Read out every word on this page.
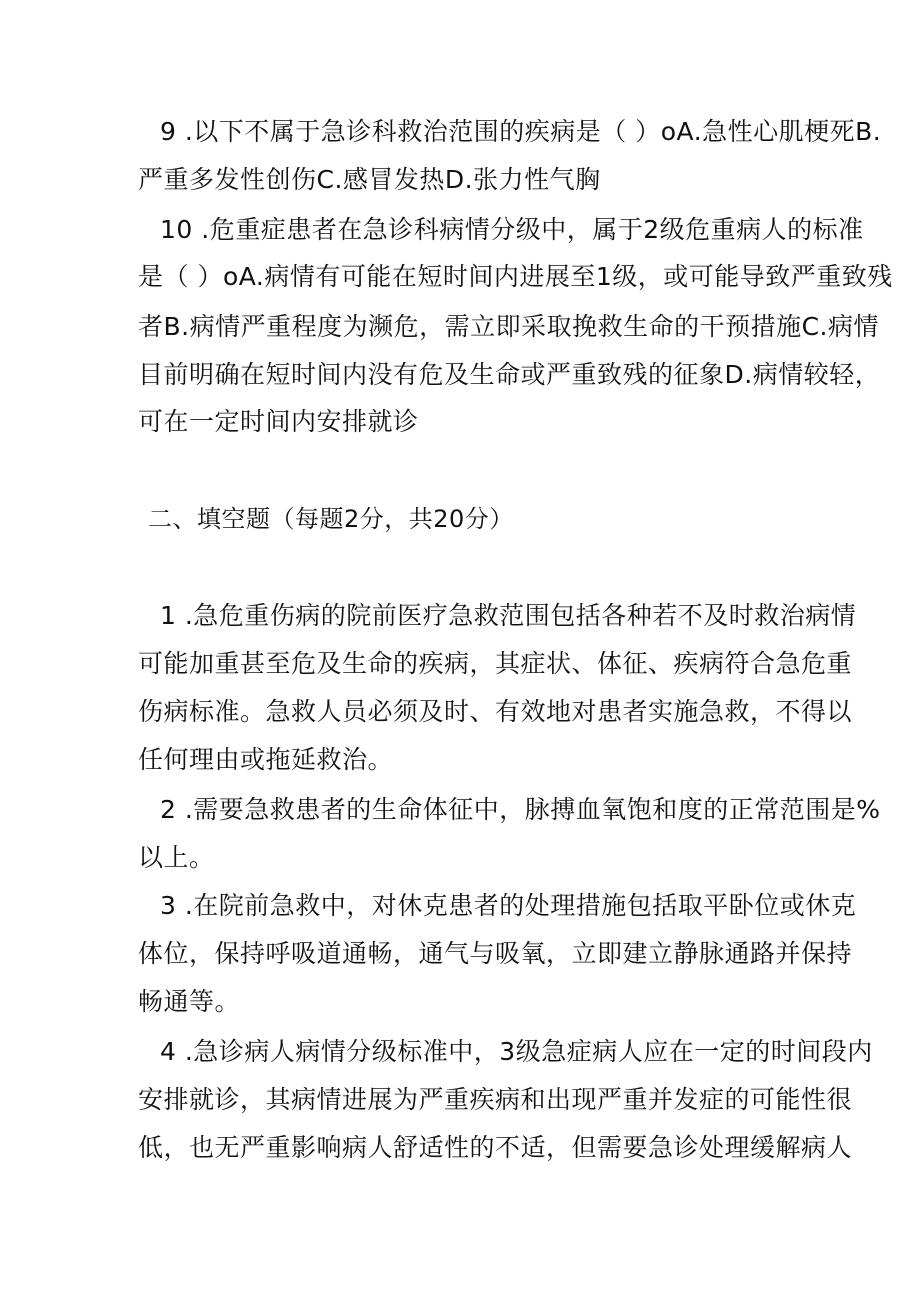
9 .以下不属于急诊科救治范围的疾病是（ ）oA.急性心肌梗死B.
严重多发性创伤C.感冒发热D.张力性气胸
10 .危重症患者在急诊科病情分级中，属于2级危重病人的标准
是（ ）oA.病情有可能在短时间内进展至1级，或可能导致严重致残
者B.病情严重程度为濒危，需立即采取挽救生命的干预措施C.病情
目前明确在短时间内没有危及生命或严重致残的征象D.病情较轻，
可在一定时间内安排就诊
二、填空题（每题2分，共20分）
1 .急危重伤病的院前医疗急救范围包括各种若不及时救治病情
可能加重甚至危及生命的疾病，其症状、体征、疾病符合急危重
伤病标准。急救人员必须及时、有效地对患者实施急救，不得以
任何理由或拖延救治。
2 .需要急救患者的生命体征中，脉搏血氧饱和度的正常范围是%
以上。
3 .在院前急救中，对休克患者的处理措施包括取平卧位或休克
体位，保持呼吸道通畅，通气与吸氧，立即建立静脉通路并保持
畅通等。
4 .急诊病人病情分级标准中，3级急症病人应在一定的时间段内
安排就诊，其病情进展为严重疾病和出现严重并发症的可能性很
低，也无严重影响病人舒适性的不适，但需要急诊处理缓解病人
